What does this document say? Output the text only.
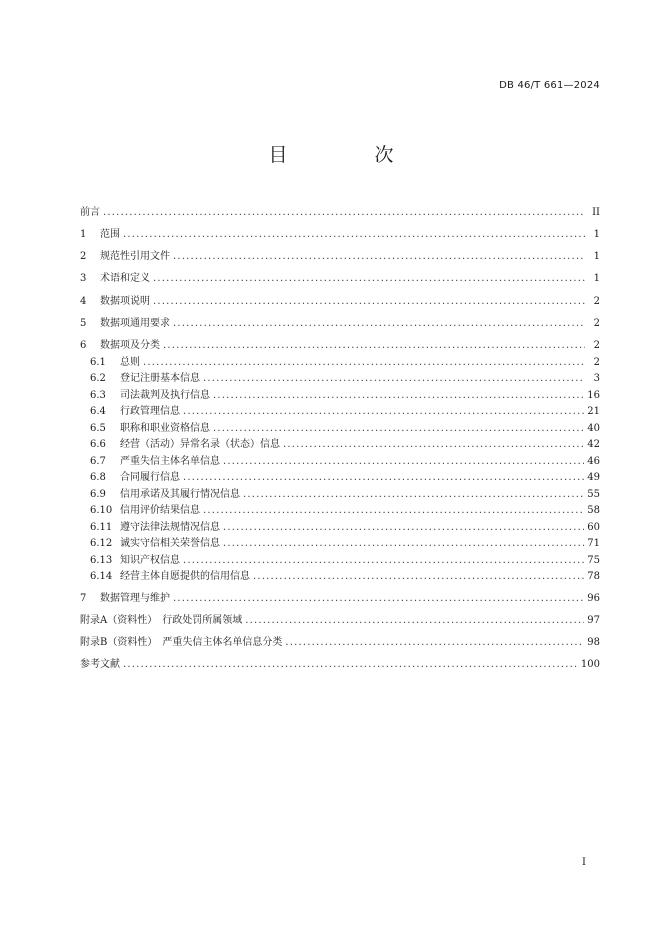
DB 46/T 661—2024
目　次
前言 .....	II
1 范围 .....	1
2 规范性引用文件 .....	1
3 术语和定义 .....	1
4 数据项说明 .....	2
5 数据项通用要求 .....	2
6 数据项及分类 .....	2
6.1 总则 .....	2
6.2 登记注册基本信息 .....	3
6.3 司法裁判及执行信息 .....	16
6.4 行政管理信息 .....	21
6.5 职称和职业资格信息 .....	40
6.6 经营（活动）异常名录（状态）信息 .....	42
6.7 严重失信主体名单信息 .....	46
6.8 合同履行信息 .....	49
6.9 信用承诺及其履行情况信息 .....	55
6.10 信用评价结果信息 .....	58
6.11 遵守法律法规情况信息 .....	60
6.12 诚实守信相关荣誉信息 .....	71
6.13 知识产权信息 .....	75
6.14 经营主体自愿提供的信用信息 .....	78
7 数据管理与维护 .....	96
附录A（资料性）　行政处罚所属领域 .....	97
附录B（资料性）　严重失信主体名单信息分类 .....	98
参考文献 .....	100
I
